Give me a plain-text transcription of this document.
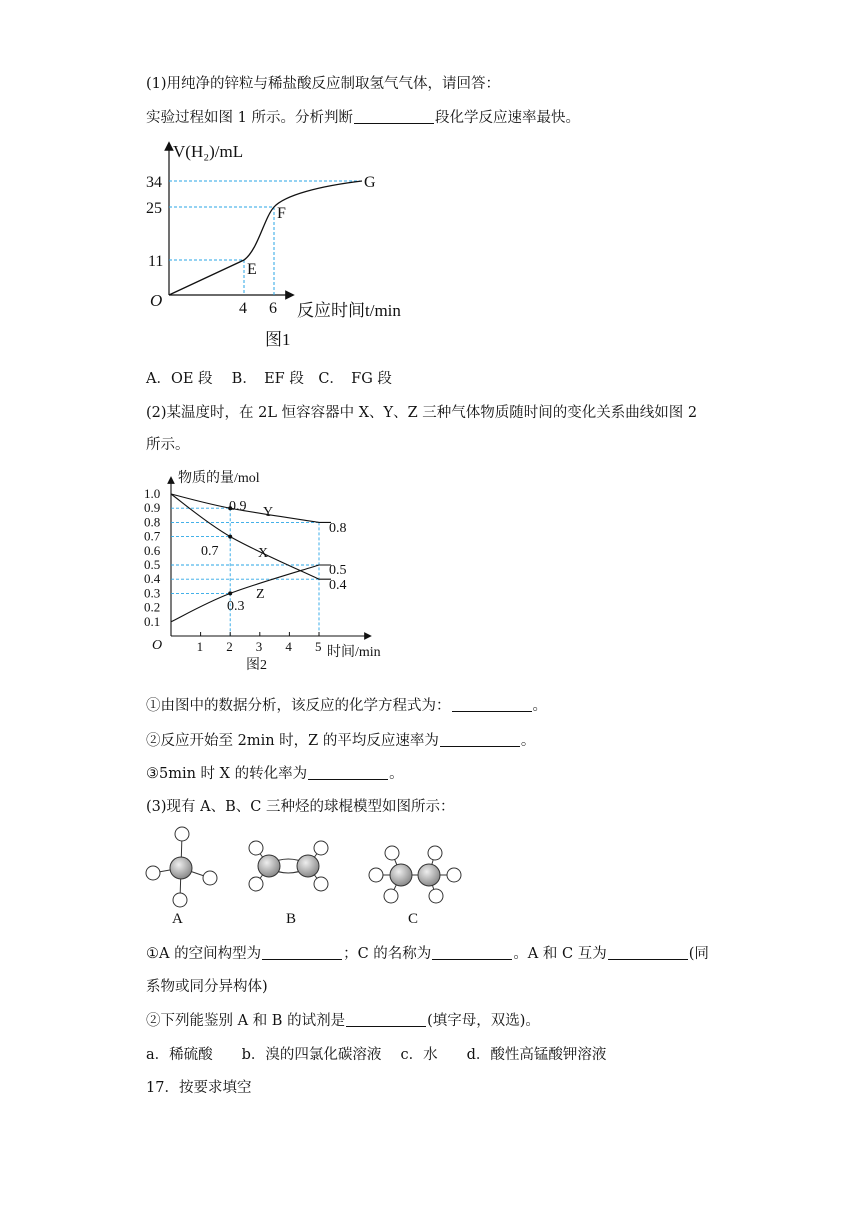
(1)用纯净的锌粒与稀盐酸反应制取氢气气体，请回答：
实验过程如图 1 所示。分析判断	段化学反应速率最快。
V(H₂)/mL
34
25
11
O	4 6 反应时间t/min
E
F
G
图1
A．OE 段　 B．　EF 段　C．　FG 段
(2)某温度时，在 2L 恒容容器中 X、Y、Z 三种气体物质随时间的变化关系曲线如图 2
所示。
1.0
0.9
0.8
0.7
0.6
0.5
0.4
0.3
0.2
0.1
1 2 3 4 5
物质的量/mol
O	时间/min
图2
Y
X
Z
0.9
0.7
0.3
0.8
0.5
0.4
①由图中的数据分析，该反应的化学方程式为：	。
②反应开始至 2min 时，Z 的平均反应速率为	。
③5min 时 X 的转化率为	。
(3)现有 A、B、C 三种烃的球棍模型如图所示：
A	B	C
①A 的空间构型为	；C 的名称为	。A 和 C 互为	(同
系物或同分异构体)
②下列能鉴别 A 和 B 的试剂是	(填字母，双选)。
a．稀硫酸　　b．溴的四氯化碳溶液　 c．水　　d．酸性高锰酸钾溶液
17．按要求填空
